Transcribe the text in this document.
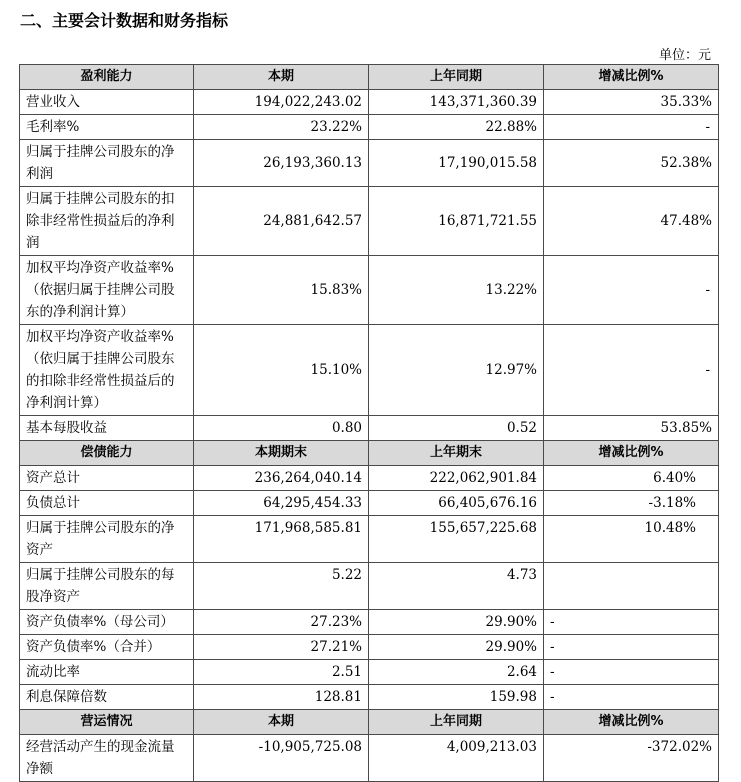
二、主要会计数据和财务指标
单位：元
盈利能力	本期	上年同期	增减比例%
营业收入	194,022,243.02	143,371,360.39	35.33%
毛利率%	23.22%	22.88%	-
归属于挂牌公司股东的净利润	26,193,360.13	17,190,015.58	52.38%
归属于挂牌公司股东的扣除非经常性损益后的净利润	24,881,642.57	16,871,721.55	47.48%
加权平均净资产收益率%（依据归属于挂牌公司股东的净利润计算）	15.83%	13.22%	-
加权平均净资产收益率%（依归属于挂牌公司股东的扣除非经常性损益后的净利润计算）	15.10%	12.97%	-
基本每股收益	0.80	0.52	53.85%
偿债能力	本期期末	上年期末	增减比例%
资产总计	236,264,040.14	222,062,901.84	6.40%
负债总计	64,295,454.33	66,405,676.16	-3.18%
归属于挂牌公司股东的净资产	171,968,585.81	155,657,225.68	10.48%
归属于挂牌公司股东的每股净资产	5.22	4.73	
资产负债率%（母公司）	27.23%	29.90%	-
资产负债率%（合并）	27.21%	29.90%	-
流动比率	2.51	2.64	-
利息保障倍数	128.81	159.98	-
营运情况	本期	上年同期	增减比例%
经营活动产生的现金流量净额	-10,905,725.08	4,009,213.03	-372.02%
